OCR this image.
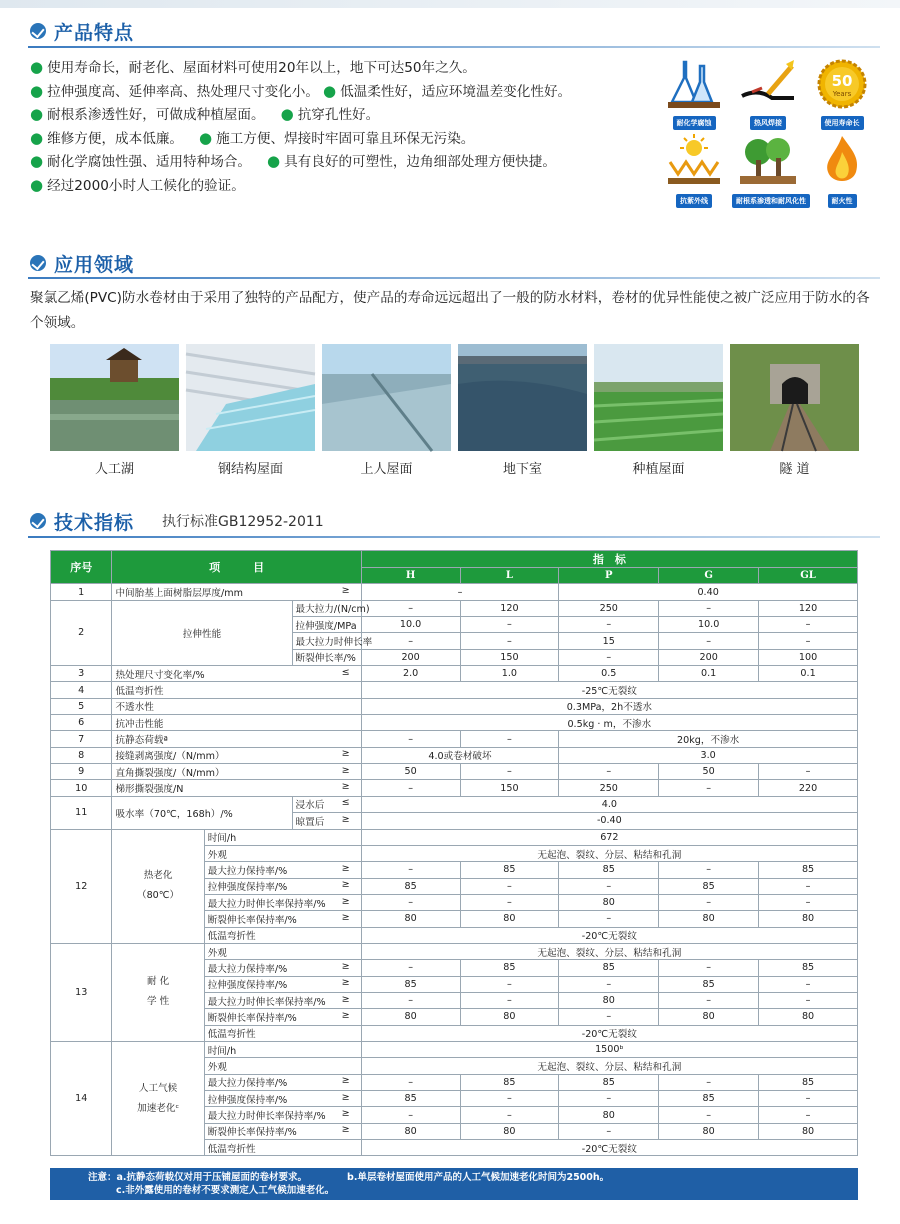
产品特点
● 使用寿命长，耐老化、屋面材料可使用20年以上，地下可达50年之久。
● 拉伸强度高、延伸率高、热处理尺寸变化小。 ● 低温柔性好，适应环境温差变化性好。
● 耐根系渗透性好，可做成种植屋面。 ● 抗穿孔性好。
● 维修方便，成本低廉。 ● 施工方便、焊接时牢固可靠且环保无污染。
● 耐化学腐蚀性强、适用特种场合。 ● 具有良好的可塑性，边角细部处理方便快捷。
● 经过2000小时人工候化的验证。
耐化学腐蚀	热风焊接
50
Years
使用寿命长
抗紫外线	耐根系渗透和耐风化性	耐火性
应用领域
聚氯乙烯(PVC)防水卷材由于采用了独特的产品配方，使产品的寿命远远超出了一般的防水材料，卷材的优异性能使之被广泛应用于防水的各个领域。
人工湖	钢结构屋面	上人屋面	地下室	种植屋面	隧 道
技术指标 执行标准GB12952-2011
序号	项　　　目			指　标				
				H	L	P	G	GL
1	中间胎基上面树脂层厚度/mm ≥			–		0.40		
2	拉伸性能		最大拉力/(N/cm)	–	120	250	–	120
			拉伸强度/MPa	10.0	–	–	10.0	–
			最大拉力时伸长率	–	–	15	–	–
			断裂伸长率/%	200	150	–	200	100
3	热处理尺寸变化率/% ≤			2.0	1.0	0.5	0.1	0.1
4	低温弯折性			-25℃无裂纹				
5	不透水性			0.3MPa，2h不透水				
6	抗冲击性能			0.5kg · m，不渗水				
7	抗静态荷载ª			–	–	20kg，不渗水		
8	接缝剥离强度/（N/mm） ≥			4.0或卷材破坏		3.0		
9	直角撕裂强度/（N/mm） ≥			50	–	–	50	–
10	梯形撕裂强度/N ≥			–	150	250	–	220
11	吸水率（70℃，168h）/%		浸水后 ≤	4.0				
			晾置后 ≥	-0.40				
12	热老化
（80℃）	时间/h		672				
		外观		无起泡、裂纹、分层、粘结和孔洞				
		最大拉力保持率/% ≥		–	85	85	–	85
		拉伸强度保持率/% ≥		85	–	–	85	–
		最大拉力时伸长率保持率/% ≥		–	–	80	–	–
		断裂伸长率保持率/% ≥		80	80	–	80	80
		低温弯折性		-20℃无裂纹				
13	耐 化
学 性	外观		无起泡、裂纹、分层、粘结和孔洞				
		最大拉力保持率/% ≥		–	85	85	–	85
		拉伸强度保持率/% ≥		85	–	–	85	–
		最大拉力时伸长率保持率/% ≥		–	–	80	–	–
		断裂伸长率保持率/% ≥		80	80	–	80	80
		低温弯折性		-20℃无裂纹				
14	人工气候
加速老化ᶜ	时间/h		1500ᵇ				
		外观		无起泡、裂纹、分层、粘结和孔洞				
		最大拉力保持率/% ≥		–	85	85	–	85
		拉伸强度保持率/% ≥		85	–	–	85	–
		最大拉力时伸长率保持率/% ≥		–	–	80	–	–
		断裂伸长率保持率/% ≥		80	80	–	80	80
		低温弯折性		-20℃无裂纹				
注意：a.抗静态荷载仅对用于压铺屋面的卷材要求。	b.单层卷材屋面使用产品的人工气候加速老化时间为2500h。
c.非外露使用的卷材不要求测定人工气候加速老化。
